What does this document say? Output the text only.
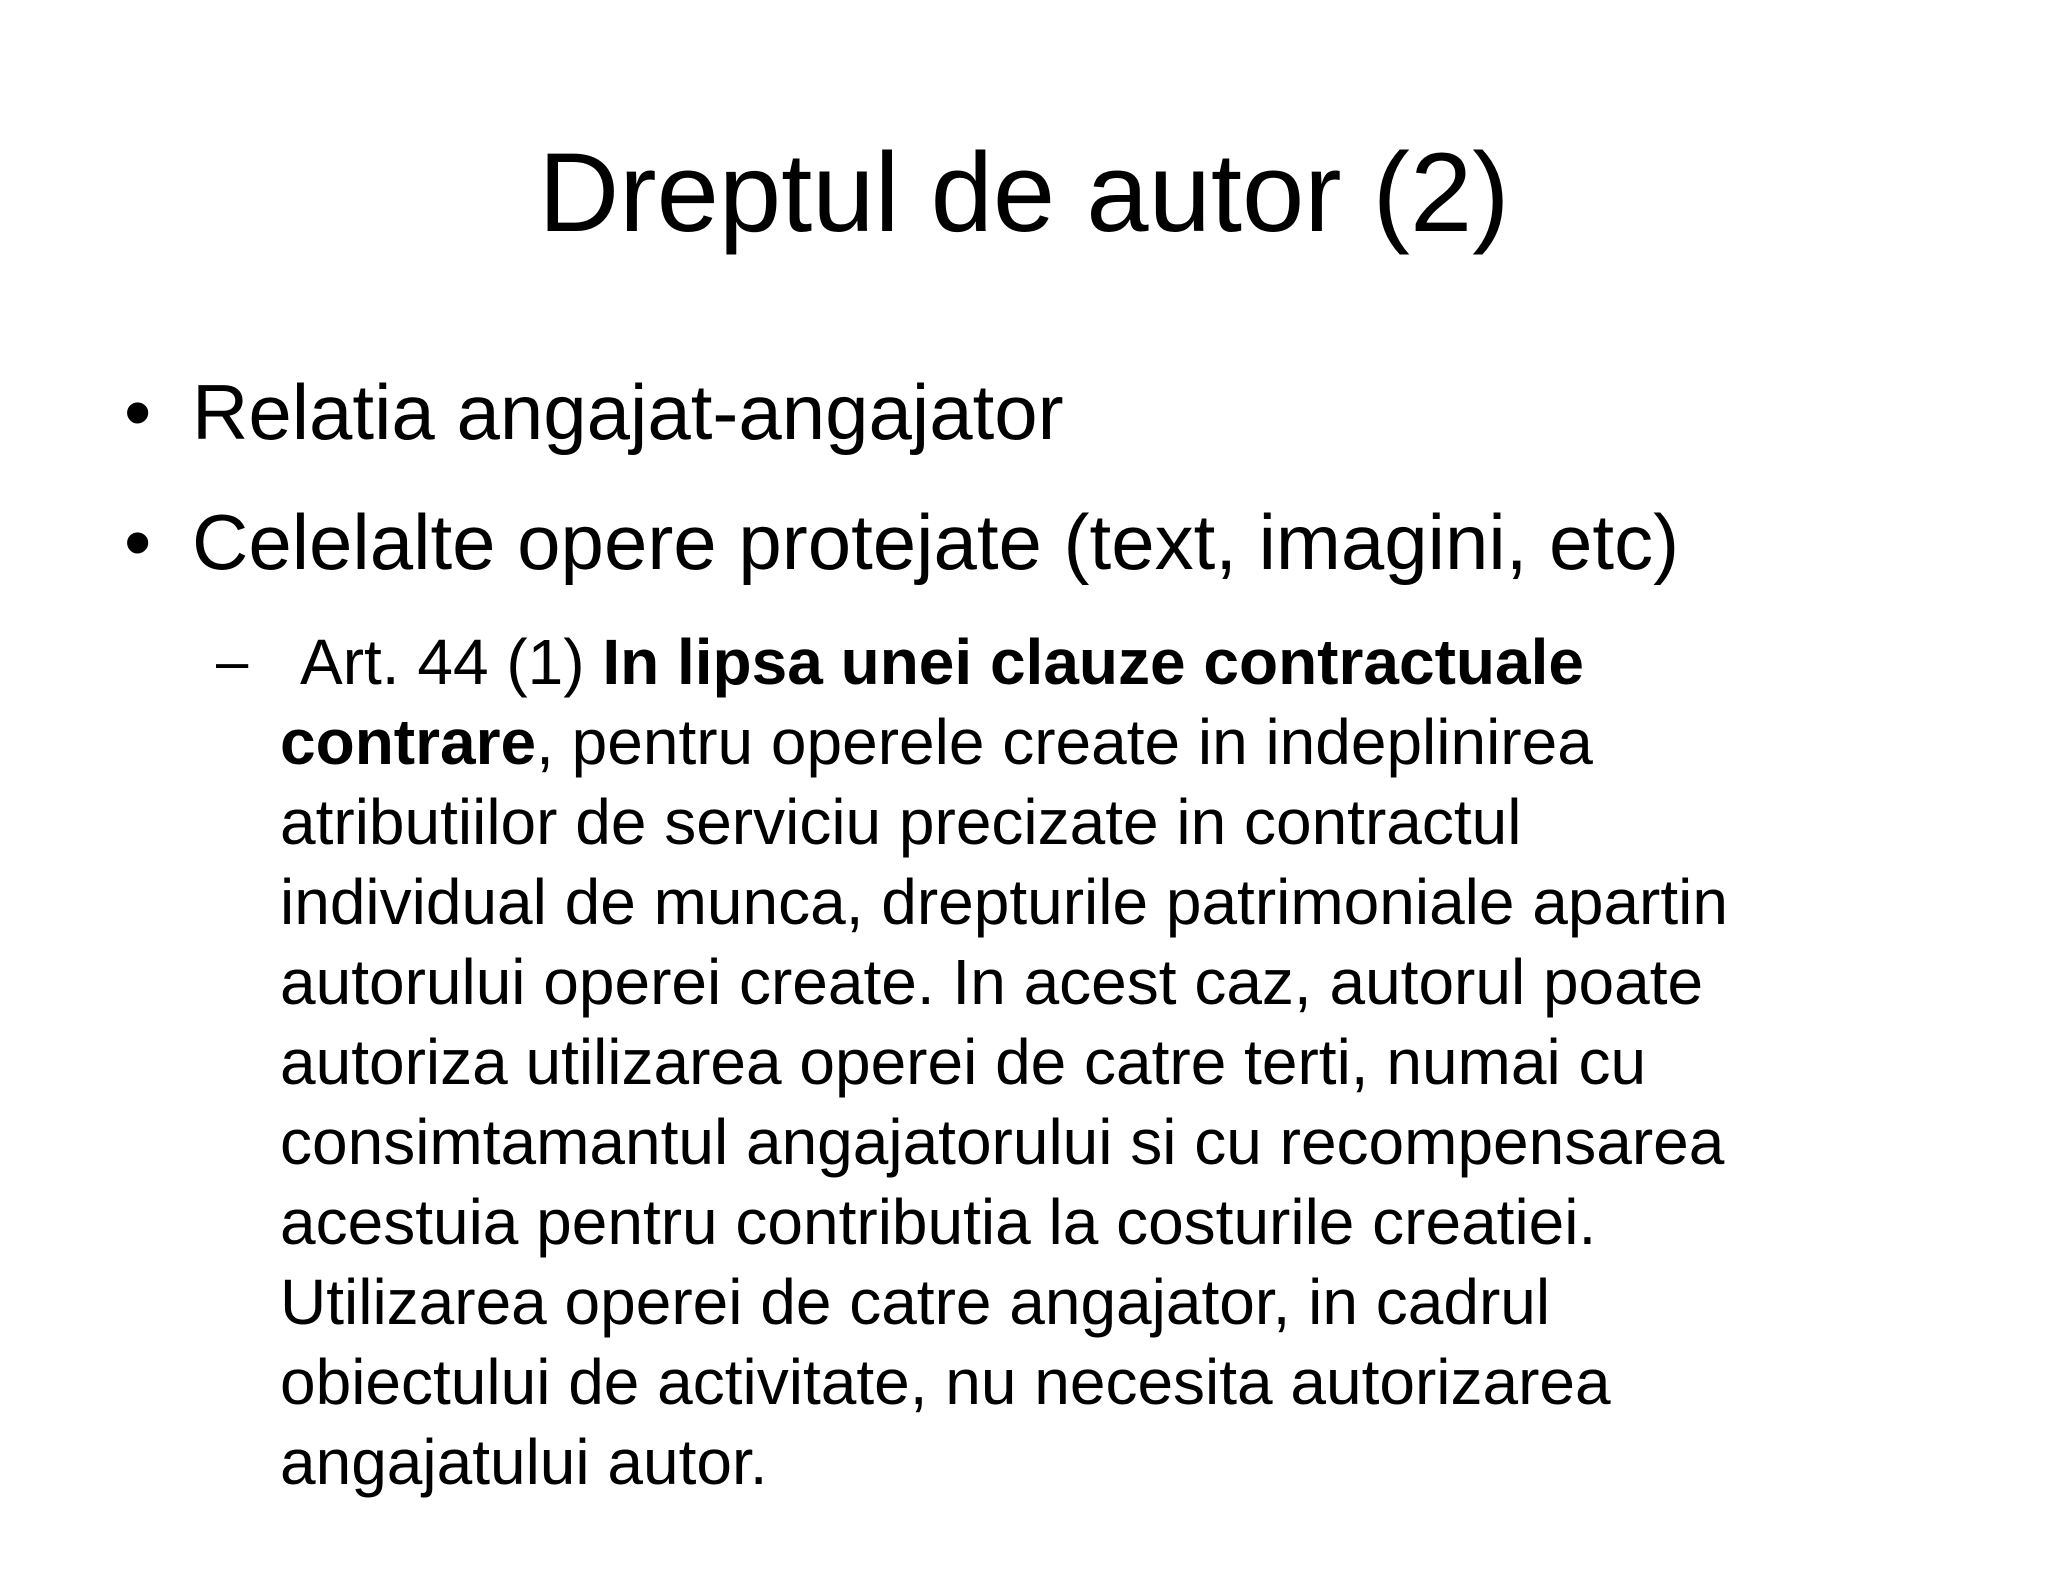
Dreptul de autor (2)
• Relatia angajat-angajator
• Celelalte opere protejate (text, imagini, etc)
– Art. 44 (1) In lipsa unei clauze contractuale
contrare, pentru operele create in indeplinirea
atributiilor de serviciu precizate in contractul
individual de munca, drepturile patrimoniale apartin
autorului operei create. In acest caz, autorul poate
autoriza utilizarea operei de catre terti, numai cu
consimtamantul angajatorului si cu recompensarea
acestuia pentru contributia la costurile creatiei.
Utilizarea operei de catre angajator, in cadrul
obiectului de activitate, nu necesita autorizarea
angajatului autor.
